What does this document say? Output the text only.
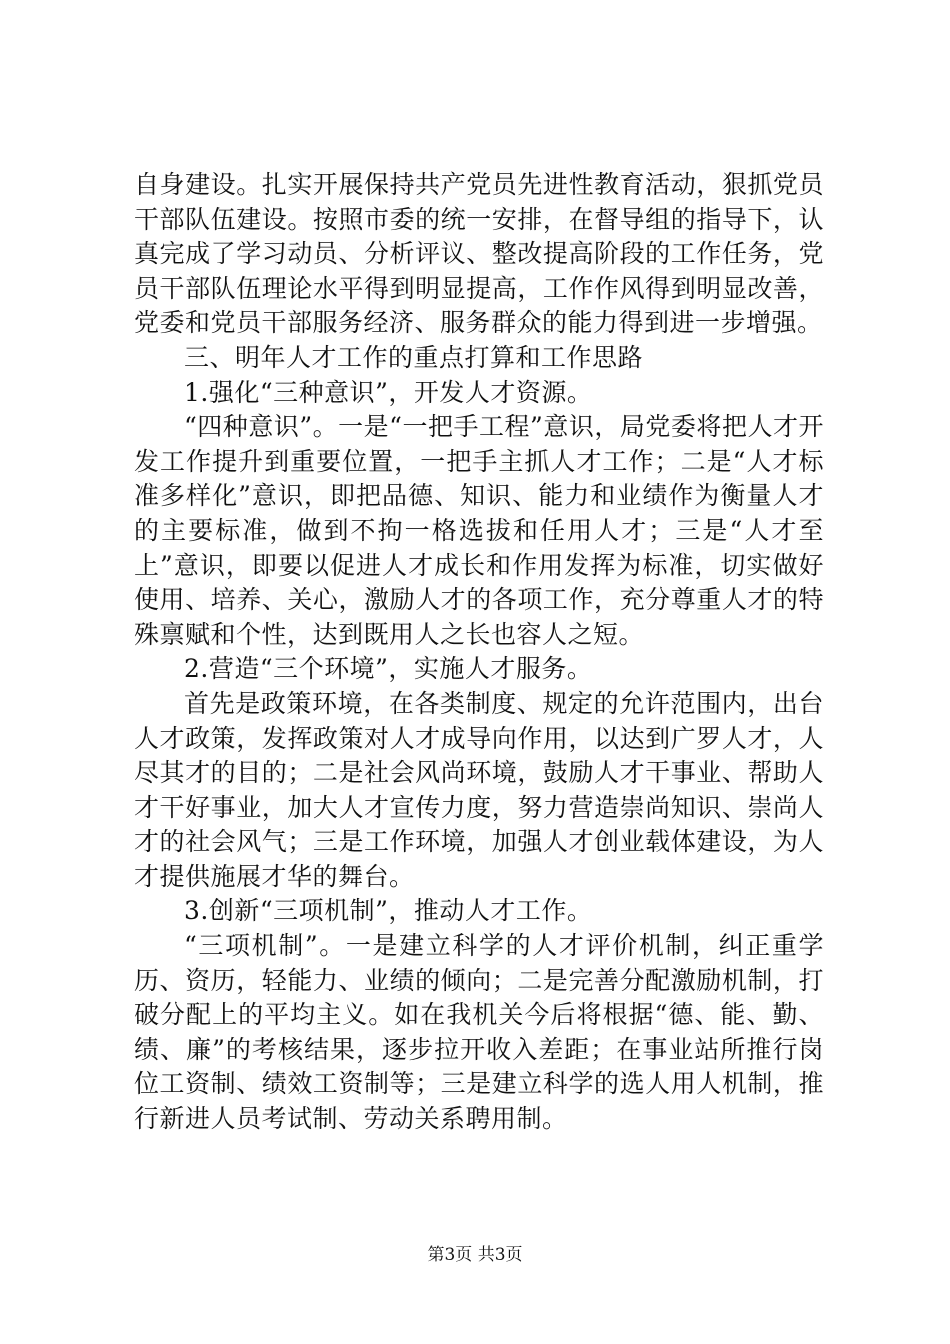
自身建设。扎实开展保持共产党员先进性教育活动，狠抓党员干部队伍建设。按照市委的统一安排，在督导组的指导下，认真完成了学习动员、分析评议、整改提高阶段的工作任务，党员干部队伍理论水平得到明显提高，工作作风得到明显改善，党委和党员干部服务经济、服务群众的能力得到进一步增强。

三、明年人才工作的重点打算和工作思路

1.强化“三种意识”，开发人才资源。

“四种意识”。一是“一把手工程”意识，局党委将把人才开发工作提升到重要位置，一把手主抓人才工作；二是“人才标准多样化”意识，即把品德、知识、能力和业绩作为衡量人才的主要标准，做到不拘一格选拔和任用人才；三是“人才至上”意识，即要以促进人才成长和作用发挥为标准，切实做好使用、培养、关心，激励人才的各项工作，充分尊重人才的特殊禀赋和个性，达到既用人之长也容人之短。

2.营造“三个环境”，实施人才服务。

首先是政策环境，在各类制度、规定的允许范围内，出台人才政策，发挥政策对人才成导向作用，以达到广罗人才，人尽其才的目的；二是社会风尚环境，鼓励人才干事业、帮助人才干好事业，加大人才宣传力度，努力营造崇尚知识、崇尚人才的社会风气；三是工作环境，加强人才创业载体建设，为人才提供施展才华的舞台。

3.创新“三项机制”，推动人才工作。

“三项机制”。一是建立科学的人才评价机制，纠正重学历、资历，轻能力、业绩的倾向；二是完善分配激励机制，打破分配上的平均主义。如在我机关今后将根据“德、能、勤、绩、廉”的考核结果，逐步拉开收入差距；在事业站所推行岗位工资制、绩效工资制等；三是建立科学的选人用人机制，推行新进人员考试制、劳动关系聘用制。

第3页 共3页
